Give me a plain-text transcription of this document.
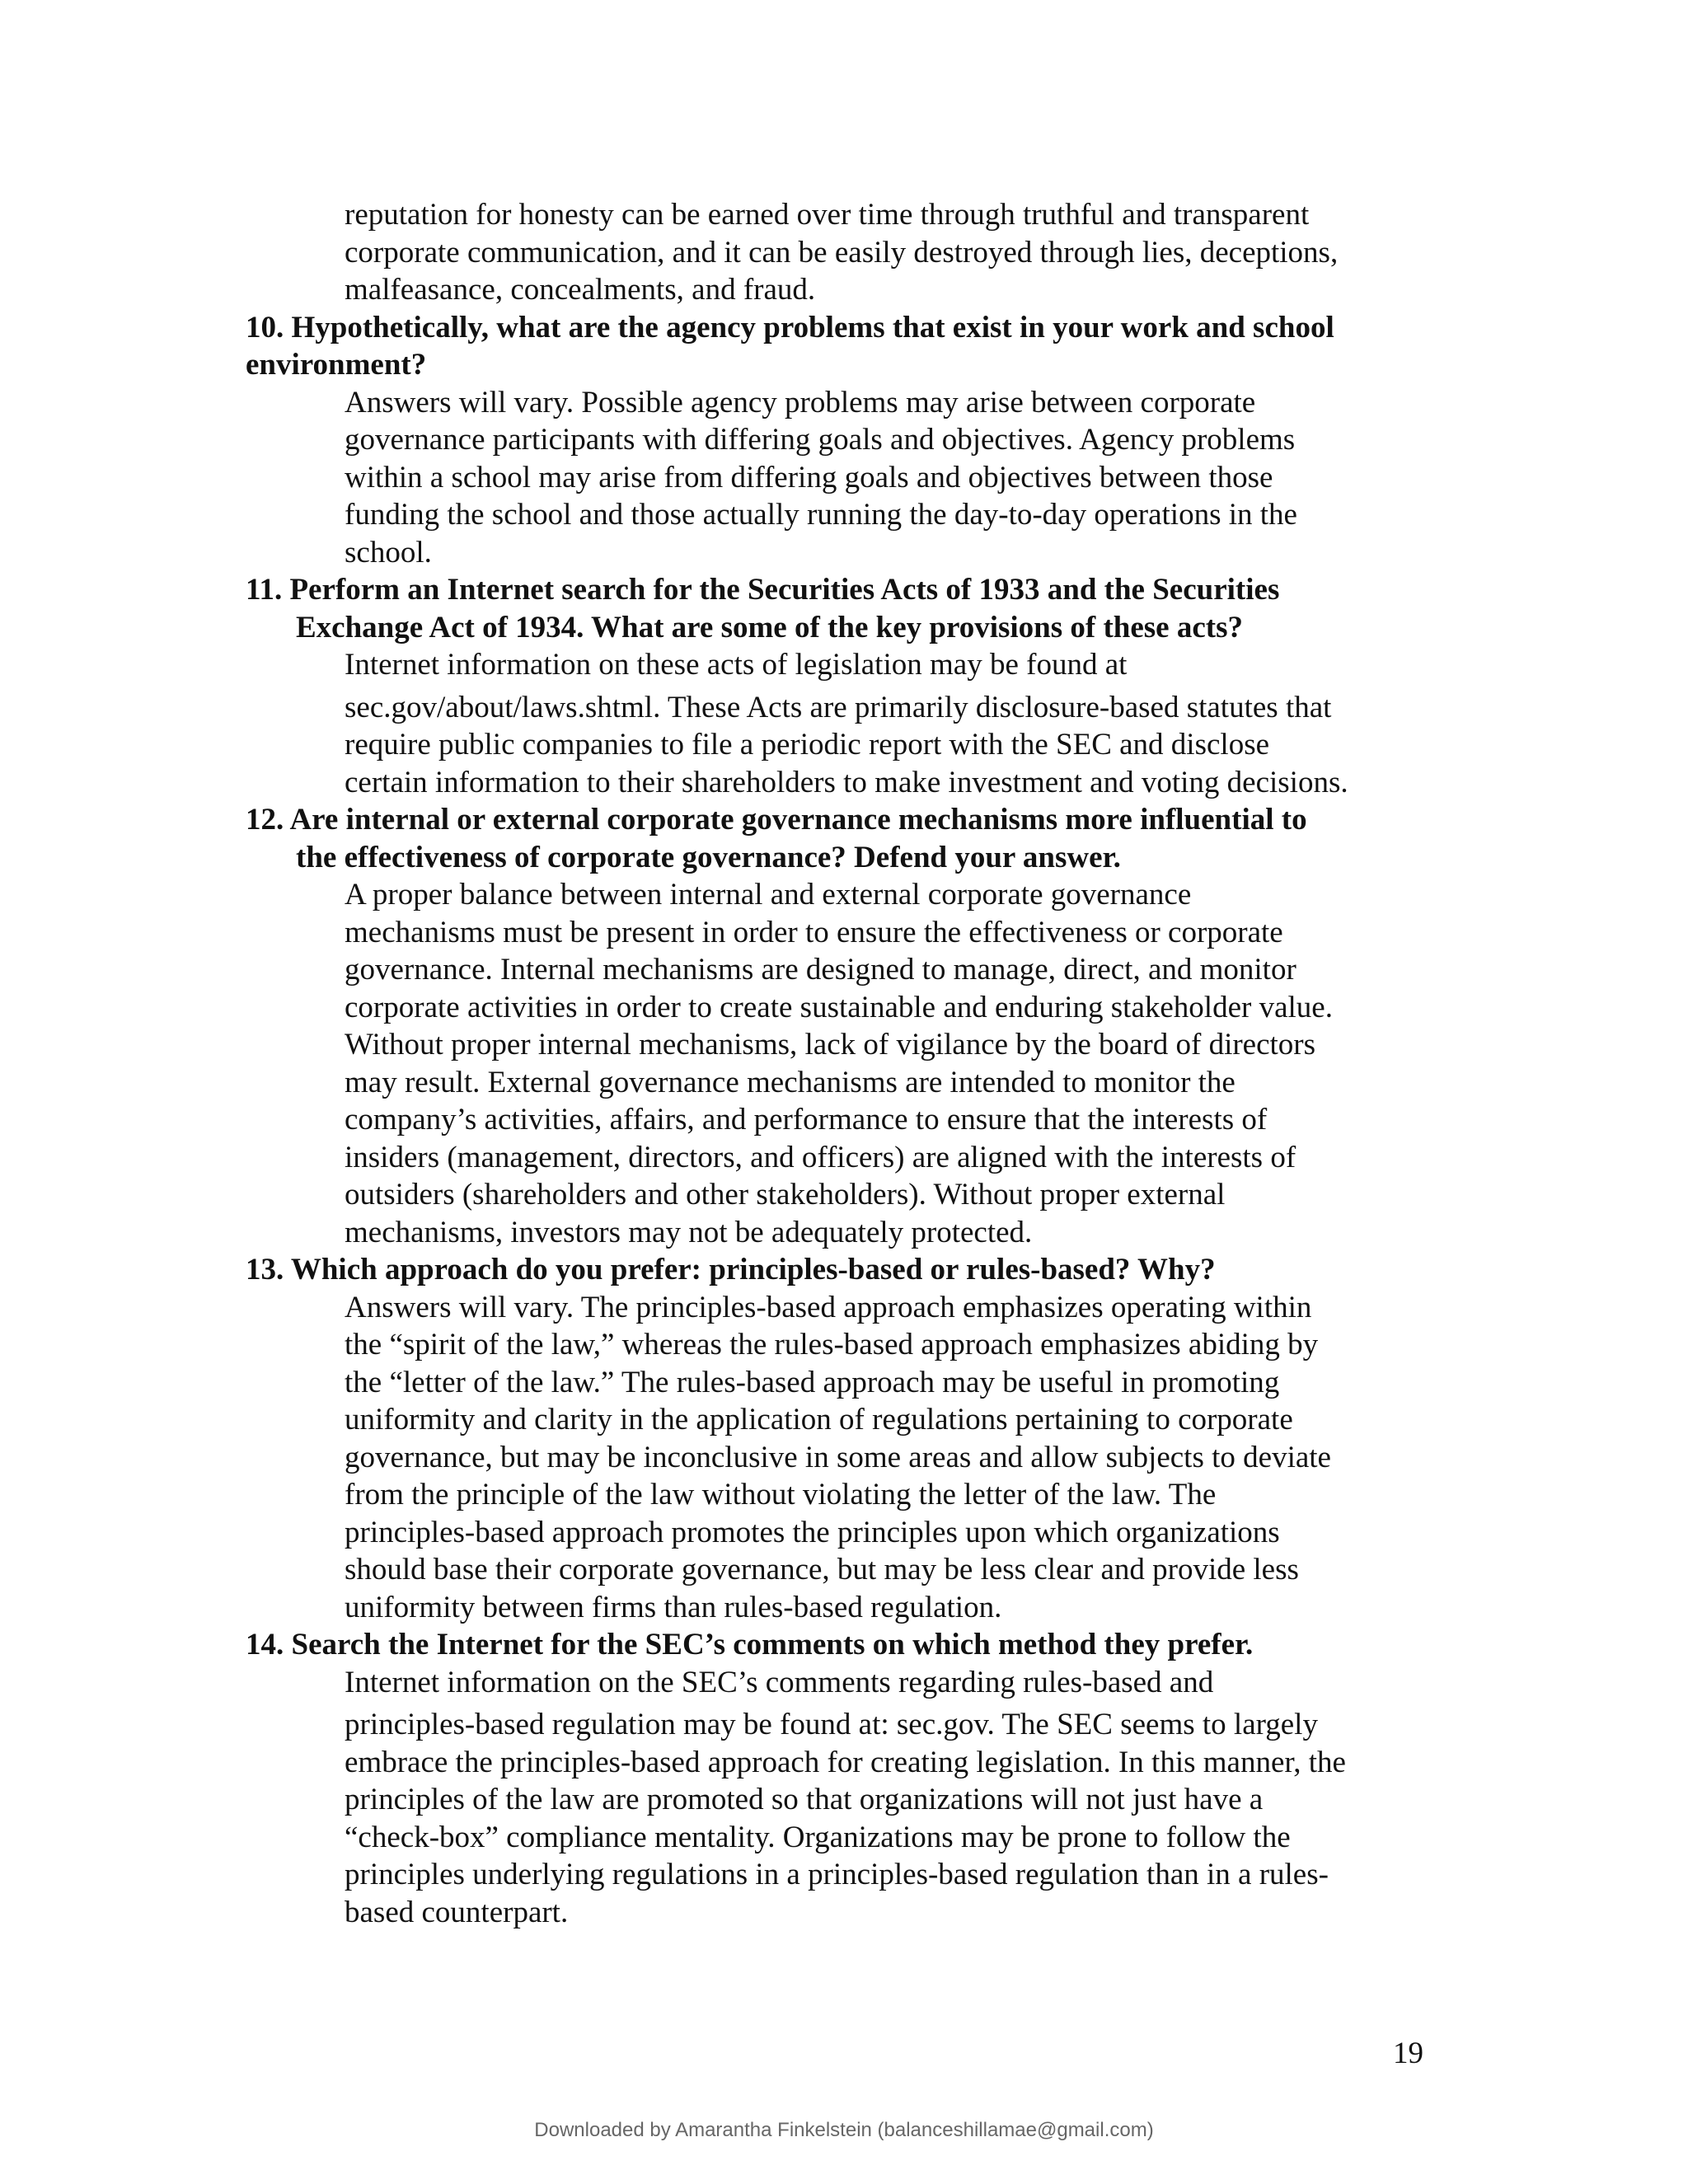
reputation for honesty can be earned over time through truthful and transparent
corporate communication, and it can be easily destroyed through lies, deceptions,
malfeasance, concealments, and fraud.
10. Hypothetically, what are the agency problems that exist in your work and school
environment?
Answers will vary. Possible agency problems may arise between corporate
governance participants with differing goals and objectives. Agency problems
within a school may arise from differing goals and objectives between those
funding the school and those actually running the day-to-day operations in the
school.
11. Perform an Internet search for the Securities Acts of 1933 and the Securities
Exchange Act of 1934. What are some of the key provisions of these acts?
Internet information on these acts of legislation may be found at
sec.gov/about/laws.shtml. These Acts are primarily disclosure-based statutes that
require public companies to file a periodic report with the SEC and disclose
certain information to their shareholders to make investment and voting decisions.
12. Are internal or external corporate governance mechanisms more influential to
the effectiveness of corporate governance? Defend your answer.
A proper balance between internal and external corporate governance
mechanisms must be present in order to ensure the effectiveness or corporate
governance. Internal mechanisms are designed to manage, direct, and monitor
corporate activities in order to create sustainable and enduring stakeholder value.
Without proper internal mechanisms, lack of vigilance by the board of directors
may result. External governance mechanisms are intended to monitor the
company’s activities, affairs, and performance to ensure that the interests of
insiders (management, directors, and officers) are aligned with the interests of
outsiders (shareholders and other stakeholders). Without proper external
mechanisms, investors may not be adequately protected.
13. Which approach do you prefer: principles-based or rules-based? Why?
Answers will vary. The principles-based approach emphasizes operating within
the “spirit of the law,” whereas the rules-based approach emphasizes abiding by
the “letter of the law.” The rules-based approach may be useful in promoting
uniformity and clarity in the application of regulations pertaining to corporate
governance, but may be inconclusive in some areas and allow subjects to deviate
from the principle of the law without violating the letter of the law. The
principles-based approach promotes the principles upon which organizations
should base their corporate governance, but may be less clear and provide less
uniformity between firms than rules-based regulation.
14. Search the Internet for the SEC’s comments on which method they prefer.
Internet information on the SEC’s comments regarding rules-based and
principles-based regulation may be found at: sec.gov. The SEC seems to largely
embrace the principles-based approach for creating legislation. In this manner, the
principles of the law are promoted so that organizations will not just have a
“check-box” compliance mentality. Organizations may be prone to follow the
principles underlying regulations in a principles-based regulation than in a rules-
based counterpart.
19
Downloaded by Amarantha Finkelstein (balanceshillamae@gmail.com)
